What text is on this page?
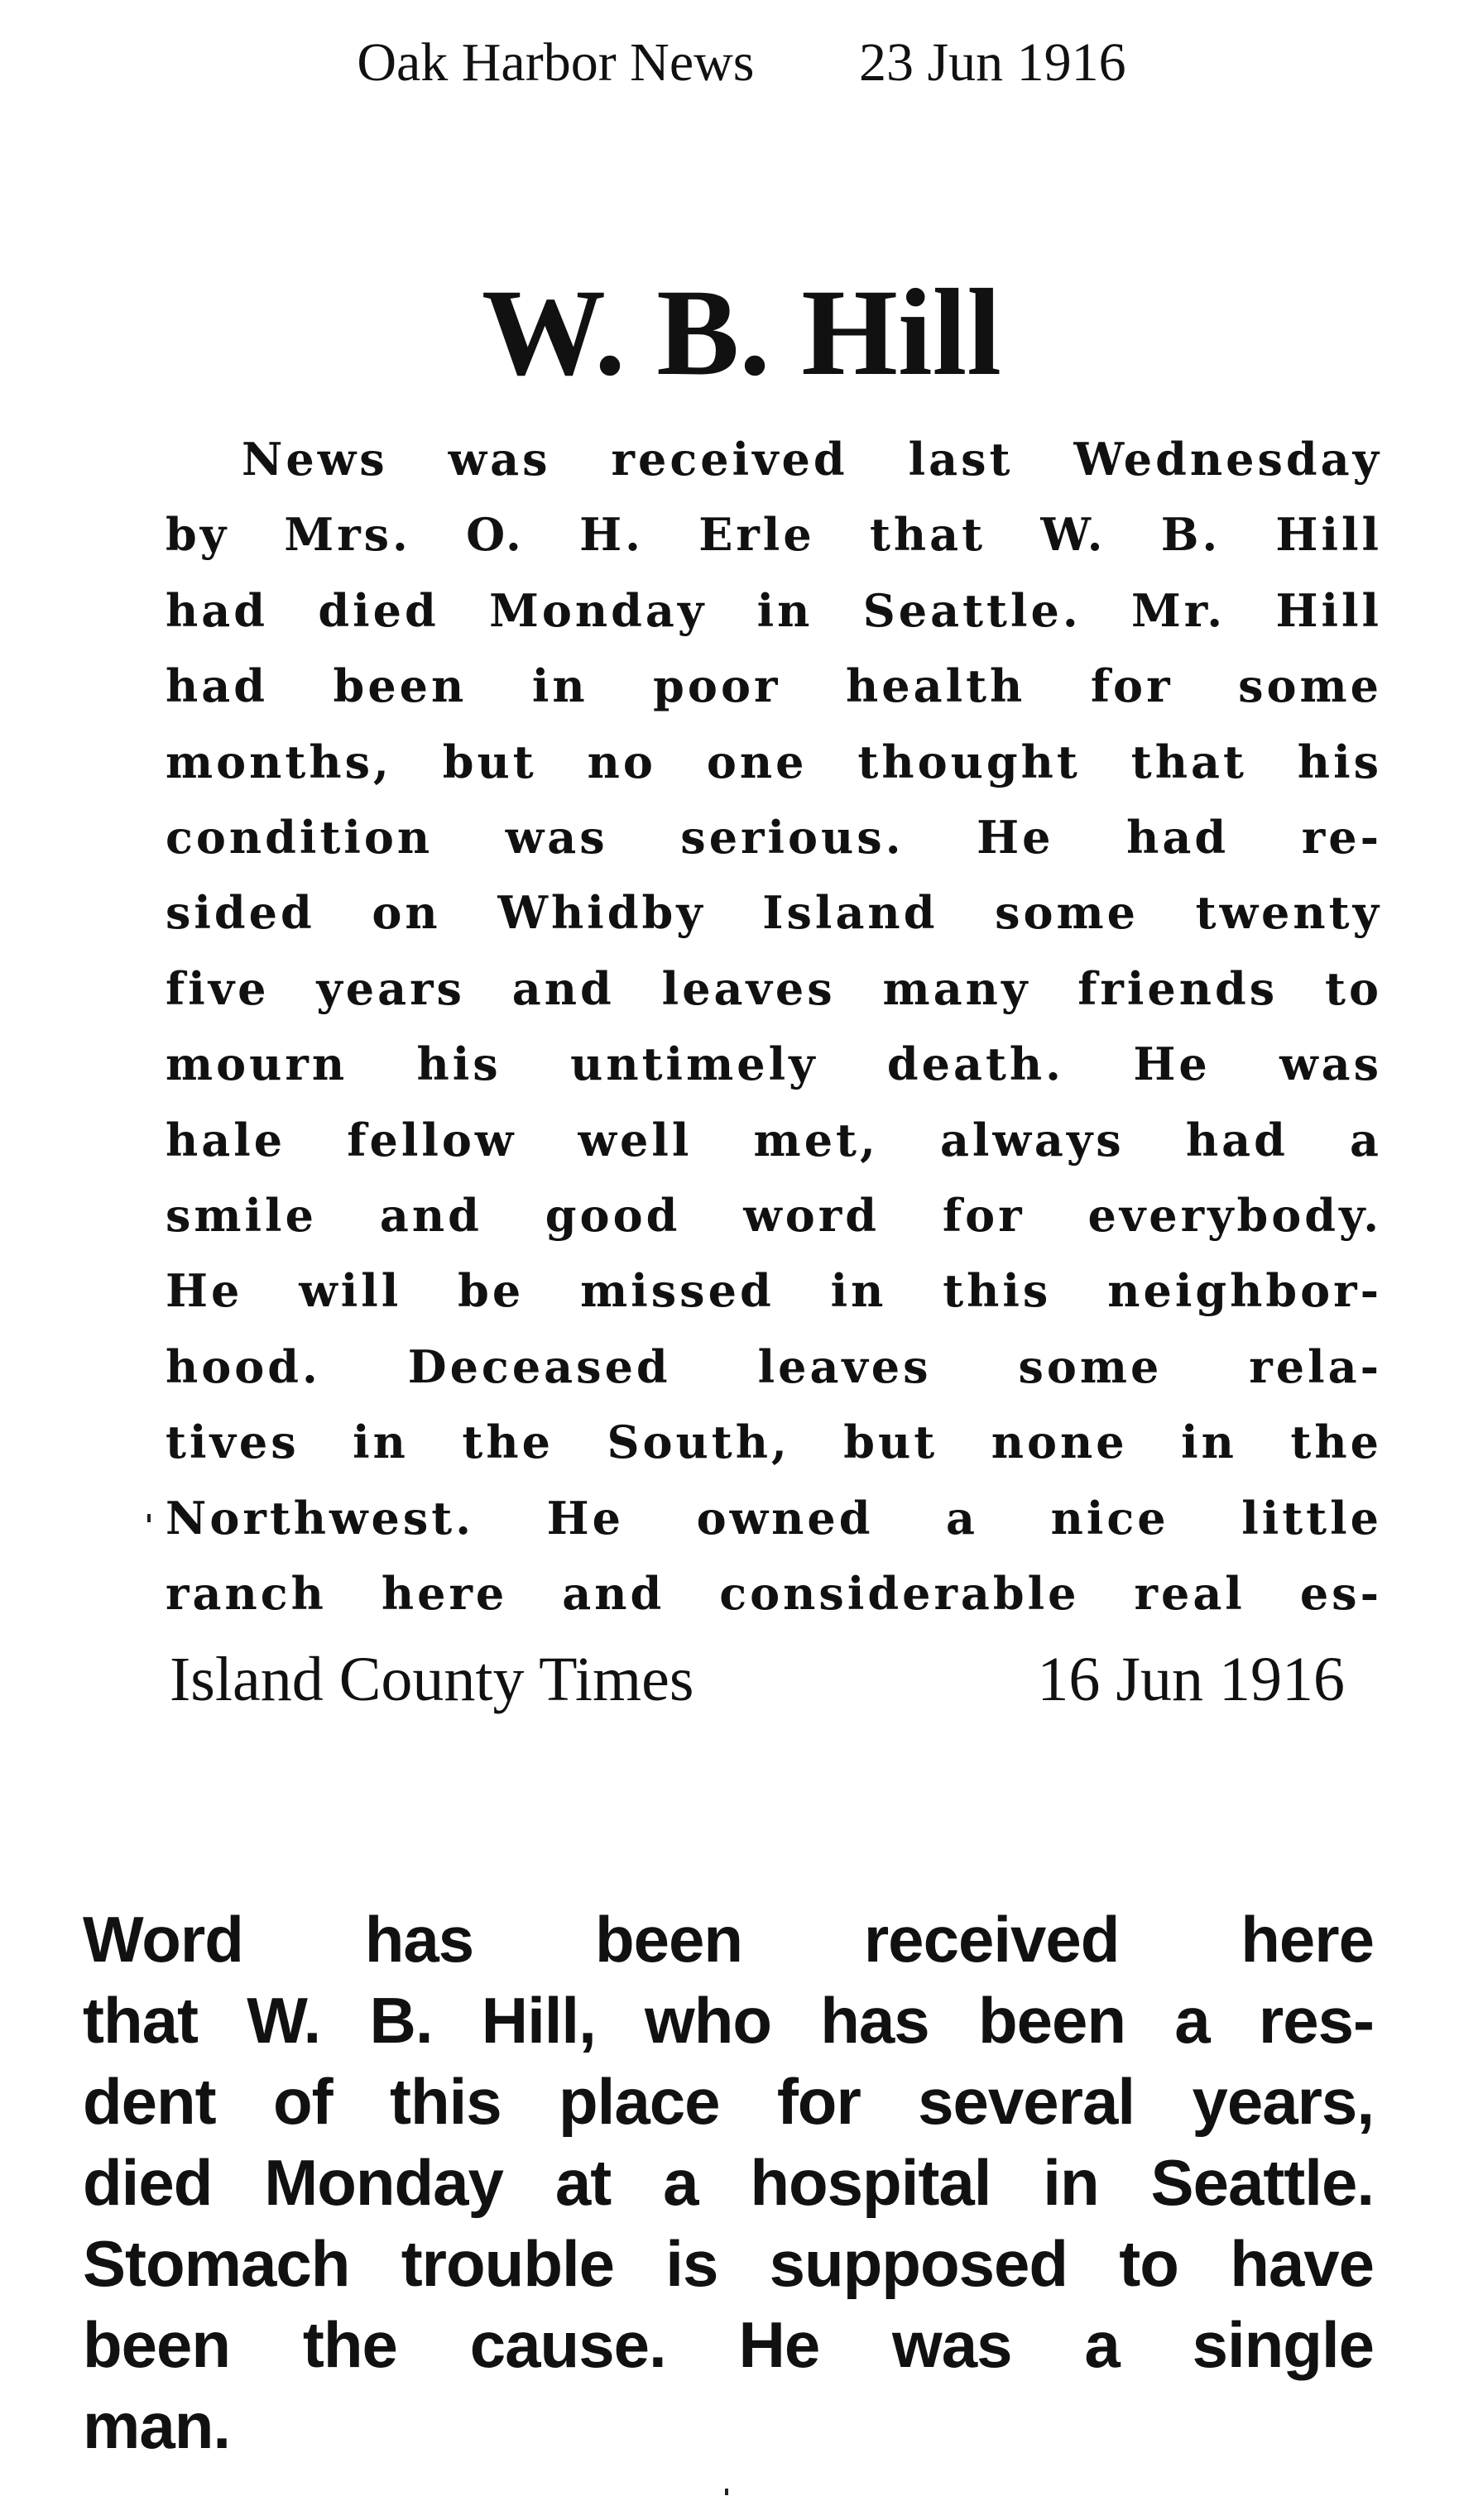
Oak Harbor News 23 Jun 1916
W. B. Hill
News was received last Wednesday
by Mrs. O. H. Erle that W. B. Hill
had died Monday in Seattle. Mr. Hill
had been in poor health for some
months, but no one thought that his
condition was serious. He had re-
sided on Whidby Island some twenty
five years and leaves many friends to
mourn his untimely death. He was
hale fellow well met, always had a
smile and good word for everybody.
He will be missed in this neighbor-
hood. Deceased leaves some rela-
tives in the South, but none in the
Northwest. He owned a nice little
ranch here and considerable real es-
Island County Times	16 Jun 1916
Word has been received here
that W. B. Hill, who has been a res-
dent of this place for several years,
died Monday at a hospital in Seattle.
Stomach trouble is supposed to have
been the cause. He was a single
man.
